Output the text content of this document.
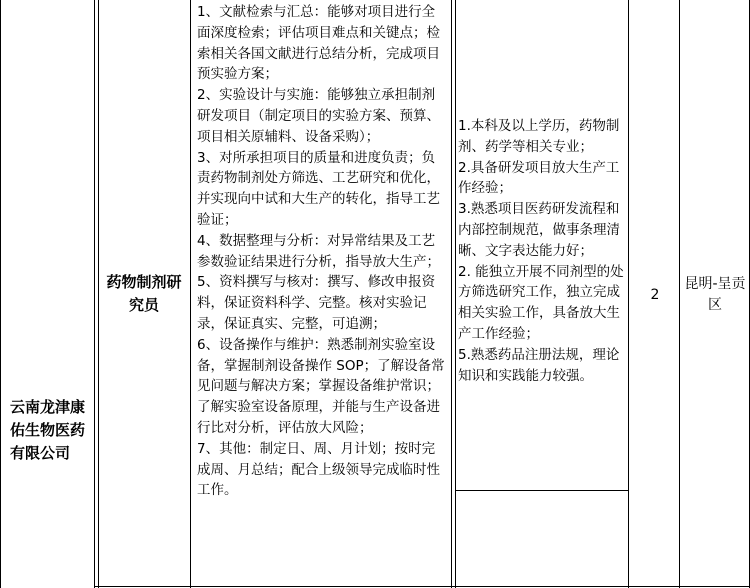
云南龙津康佑生物医药有限公司
药物制剂研究员
1、文献检索与汇总：能够对项目进行全面深度检索；评估项目难点和关键点；检索相关各国文献进行总结分析，完成项目预实验方案；
2、实验设计与实施：能够独立承担制剂研发项目（制定项目的实验方案、预算、项目相关原辅料、设备采购）；
3、对所承担项目的质量和进度负责；负责药物制剂处方筛选、工艺研究和优化，并实现向中试和大生产的转化，指导工艺验证；
4、数据整理与分析：对异常结果及工艺参数验证结果进行分析，指导放大生产；
5、资料撰写与核对：撰写、修改申报资料，保证资料科学、完整。核对实验记录，保证真实、完整，可追溯；
6、设备操作与维护：熟悉制剂实验室设备，掌握制剂设备操作 SOP；了解设备常见问题与解决方案；掌握设备维护常识；了解实验室设备原理，并能与生产设备进行比对分析，评估放大风险；
7、其他：制定日、周、月计划；按时完成周、月总结；配合上级领导完成临时性工作。
1.本科及以上学历，药物制剂、药学等相关专业；
2.具备研发项目放大生产工作经验；
3.熟悉项目医药研发流程和内部控制规范，做事条理清晰、文字表达能力好；
2. 能独立开展不同剂型的处方筛选研究工作，独立完成相关实验工作，具备放大生产工作经验；
5.熟悉药品注册法规，理论知识和实践能力较强。
2
昆明-呈贡区
